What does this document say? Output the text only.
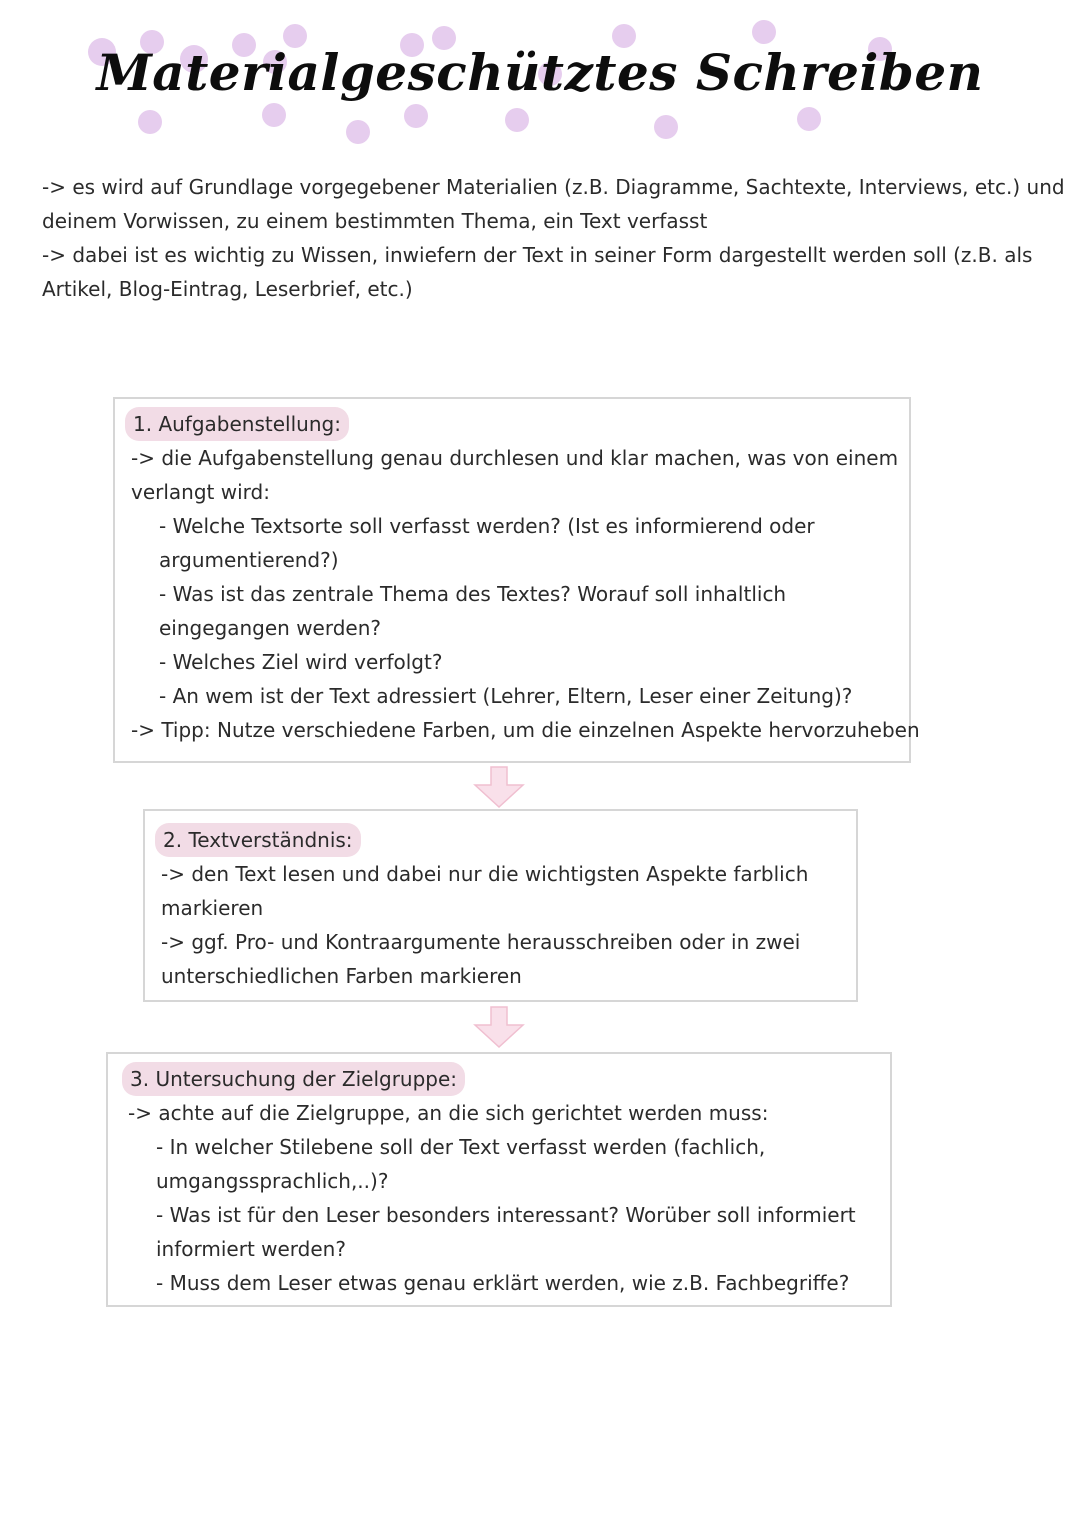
Materialgeschütztes Schreiben
-> es wird auf Grundlage vorgegebener Materialien (z.B. Diagramme, Sachtexte, Interviews, etc.) und
deinem Vorwissen, zu einem bestimmten Thema, ein Text verfasst
-> dabei ist es wichtig zu Wissen, inwiefern der Text in seiner Form dargestellt werden soll (z.B. als
Artikel, Blog-Eintrag, Leserbrief, etc.)
1. Aufgabenstellung:
-> die Aufgabenstellung genau durchlesen und klar machen, was von einem
verlangt wird:
- Welche Textsorte soll verfasst werden? (Ist es informierend oder
argumentierend?)
- Was ist das zentrale Thema des Textes? Worauf soll inhaltlich
eingegangen werden?
- Welches Ziel wird verfolgt?
- An wem ist der Text adressiert (Lehrer, Eltern, Leser einer Zeitung)?
-> Tipp: Nutze verschiedene Farben, um die einzelnen Aspekte hervorzuheben
2. Textverständnis:
-> den Text lesen und dabei nur die wichtigsten Aspekte farblich
markieren
-> ggf. Pro- und Kontraargumente herausschreiben oder in zwei
unterschiedlichen Farben markieren
3. Untersuchung der Zielgruppe:
-> achte auf die Zielgruppe, an die sich gerichtet werden muss:
- In welcher Stilebene soll der Text verfasst werden (fachlich,
umgangssprachlich,..)?
- Was ist für den Leser besonders interessant? Worüber soll informiert
informiert werden?
- Muss dem Leser etwas genau erklärt werden, wie z.B. Fachbegriffe?
